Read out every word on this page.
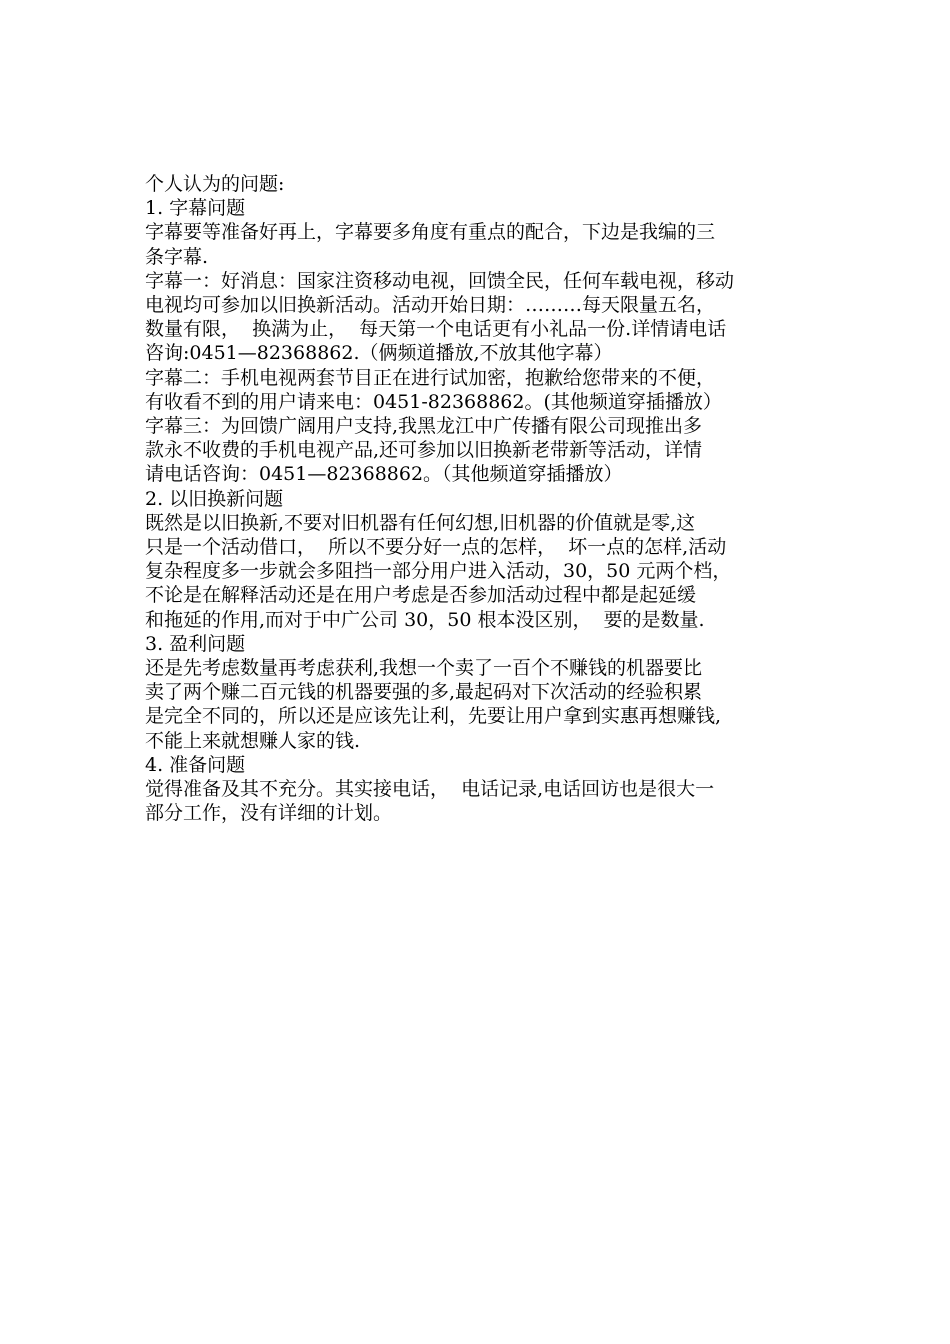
个人认为的问题:
1. 字幕问题
字幕要等准备好再上，字幕要多角度有重点的配合，下边是我编的三
条字幕.
字幕一：好消息：国家注资移动电视，回馈全民，任何车载电视，移动
电视均可参加以旧换新活动。活动开始日期：………每天限量五名，
数量有限，  换满为止，  每天第一个电话更有小礼品一份.详情请电话
咨询:0451—82368862.（俩频道播放,不放其他字幕）
字幕二：手机电视两套节目正在进行试加密，抱歉给您带来的不便，
有收看不到的用户请来电：0451-82368862。(其他频道穿插播放）
字幕三：为回馈广阔用户支持,我黑龙江中广传播有限公司现推出多
款永不收费的手机电视产品,还可参加以旧换新老带新等活动，详情
请电话咨询：0451—82368862。（其他频道穿插播放）
2. 以旧换新问题
既然是以旧换新,不要对旧机器有任何幻想,旧机器的价值就是零,这
只是一个活动借口，  所以不要分好一点的怎样，  坏一点的怎样,活动
复杂程度多一步就会多阻挡一部分用户进入活动，30，50 元两个档，
不论是在解释活动还是在用户考虑是否参加活动过程中都是起延缓
和拖延的作用,而对于中广公司 30，50 根本没区别，  要的是数量.
3. 盈利问题
还是先考虑数量再考虑获利,我想一个卖了一百个不赚钱的机器要比
卖了两个赚二百元钱的机器要强的多,最起码对下次活动的经验积累
是完全不同的，所以还是应该先让利，先要让用户拿到实惠再想赚钱,
不能上来就想赚人家的钱.
4. 准备问题
觉得准备及其不充分。其实接电话，  电话记录,电话回访也是很大一
部分工作，没有详细的计划。
